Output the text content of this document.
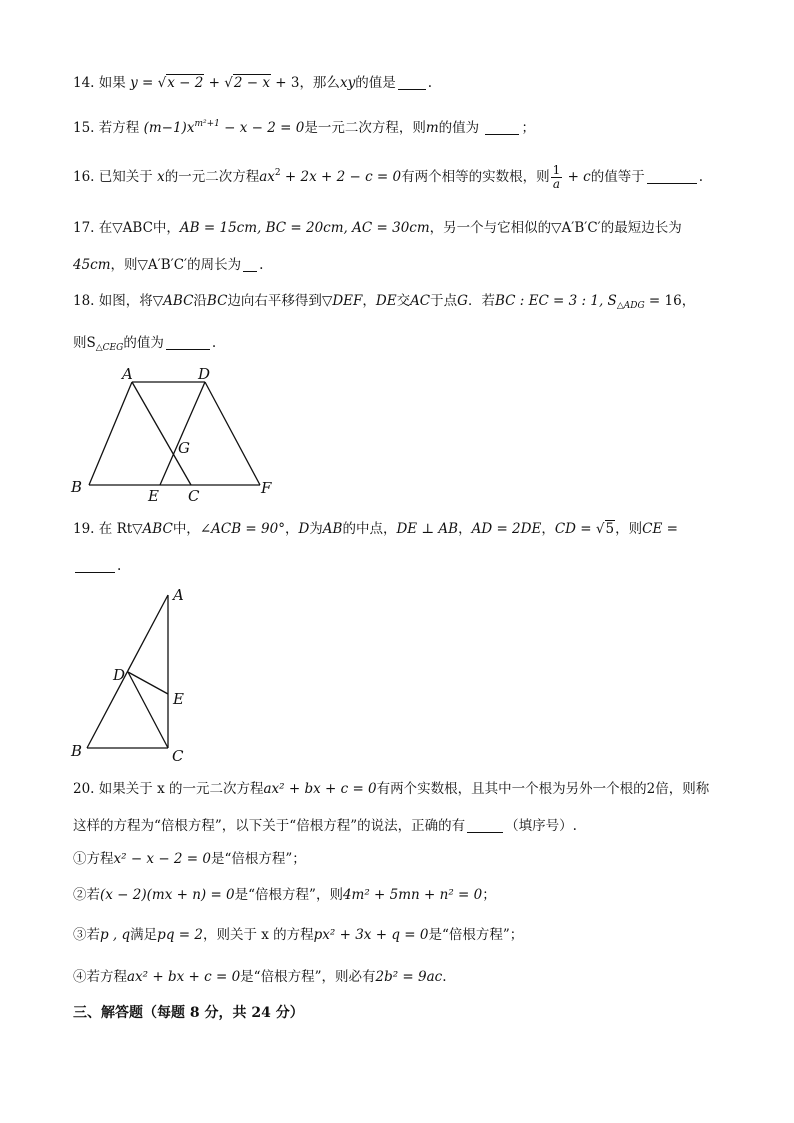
14. 如果 y = √x − 2 + √2 − x + 3，那么xy的值是 .
15. 若方程 $(m-1)x^{m^2+1} - x - 2 = 0$是一元二次方程，则m的值为	；
16. 已知关于 x的一元二次方程$ax^2 + 2x + 2 - c = 0$有两个相等的实数根，则 $\frac{1}{a} + c$的值等于	.
17. 在▽ABC中，AB = 15cm, BC = 20cm, AC = 30cm，另一个与它相似的▽A′B′C′的最短边长为
45cm，则▽A′B′C′的周长为 .
18. 如图，将▽ABC沿BC边向右平移得到▽DEF，DE交AC于点G．若BC : EC = 3 : 1, $S_{\triangle ADG} = 16$，
则$S_{\triangle CEG}$的值为	.
A	D
G
B	E C	F
19. 在 Rt▽ABC中，∠ACB = 90°，D为AB的中点，DE ⊥ AB，AD = 2DE，CD = √5，则CE =
.
A
D
E
B	C
20. 如果关于 x 的一元二次方程ax² + bx + c = 0有两个实数根，且其中一个根为另外一个根的2倍，则称
这样的方程为“倍根方程”，以下关于“倍根方程”的说法，正确的有	（填序号）.
①方程x² − x − 2 = 0是“倍根方程”；
②若(x − 2)(mx + n) = 0是“倍根方程”，则4m² + 5mn + n² = 0；
③若p , q满足pq = 2，则关于 x 的方程px² + 3x + q = 0是“倍根方程”；
④若方程ax² + bx + c = 0是“倍根方程”，则必有2b² = 9ac.
三、解答题（每题 8 分，共 24 分）
